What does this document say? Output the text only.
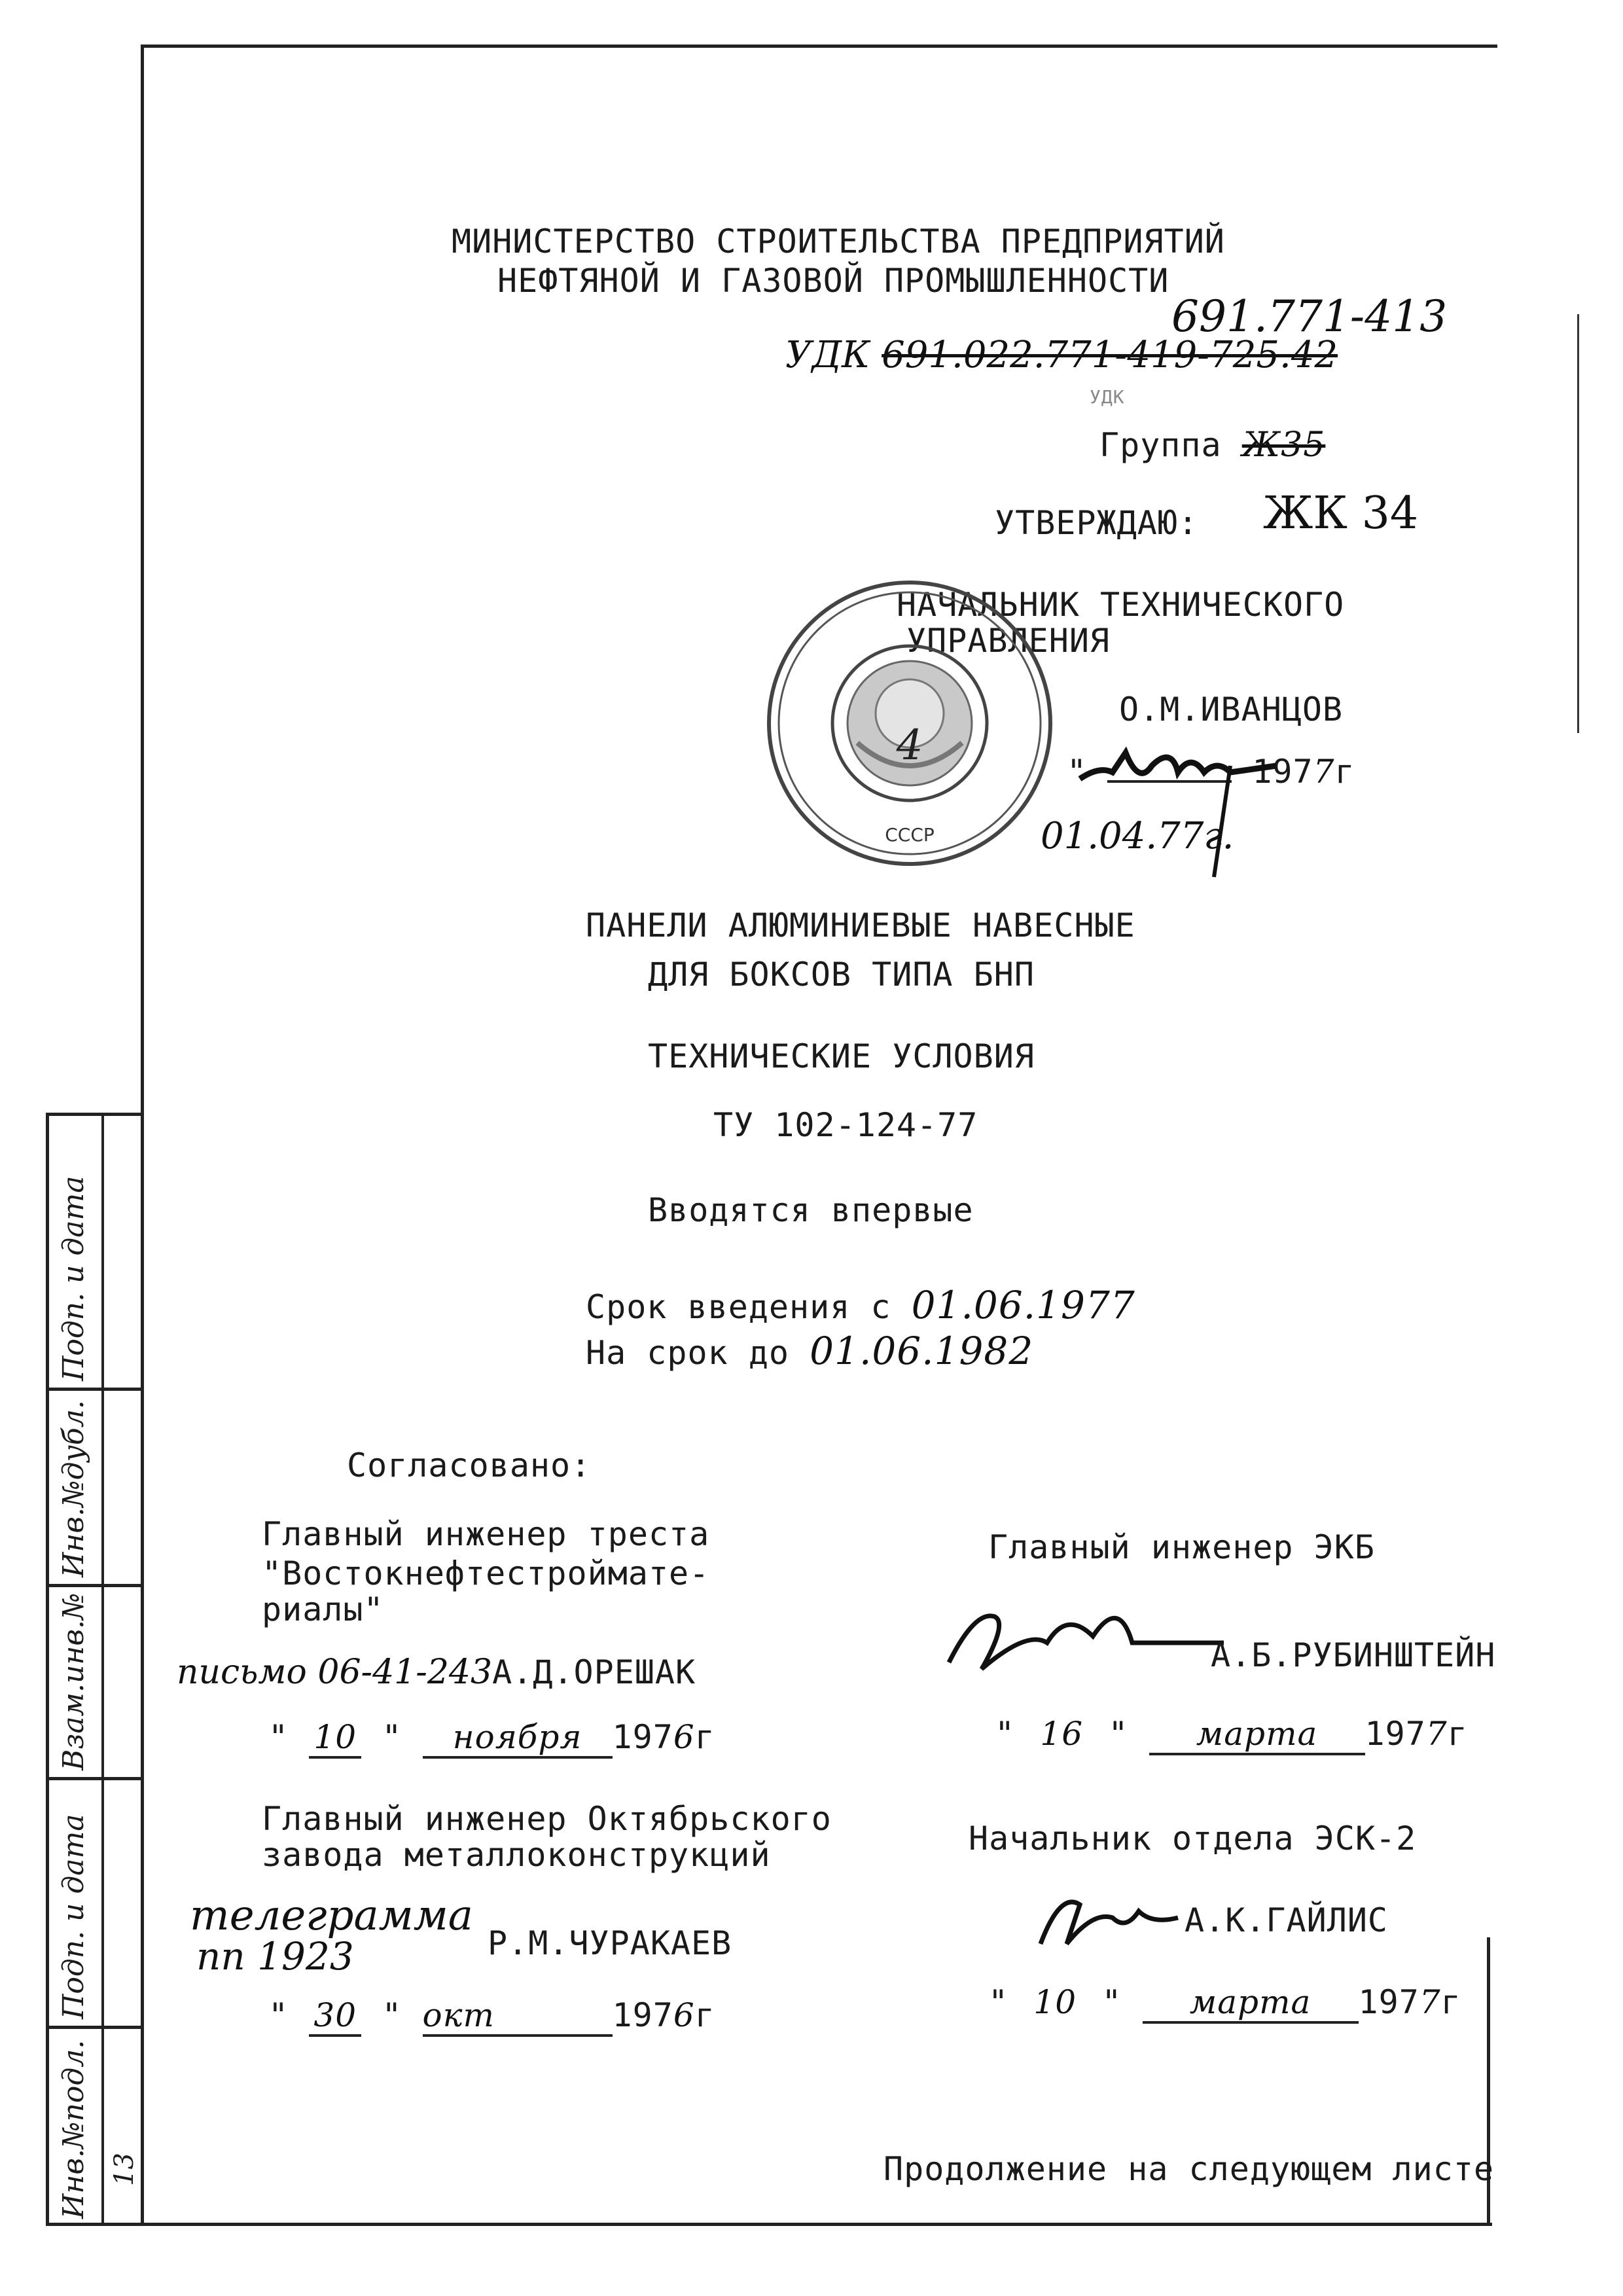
Подп. и дата
Инв.№дубл.
Взам.инв.№
Подп. и дата
Инв.№подл. 13
МИНИСТЕРСТВО СТРОИТЕЛЬСТВА ПРЕДПРИЯТИЙ
НЕФТЯНОЙ И ГАЗОВОЙ ПРОМЫШЛЕННОСТИ
691.771-413
УДК 691.022.771-419-725.42
УДК
Группа Ж35
ЖК 34
УТВЕРЖДАЮ:
НАЧАЛЬНИК ТЕХНИЧЕСКОГО
УПРАВЛЕНИЯ
О.М.ИВАНЦОВ
"	1977г
01.04.77г.
4
СССР
ПАНЕЛИ АЛЮМИНИЕВЫЕ НАВЕСНЫЕ
ДЛЯ БОКСОВ ТИПА БНП
ТЕХНИЧЕСКИЕ УСЛОВИЯ
ТУ 102-124-77
Вводятся впервые
Срок введения с 01.06.1977
На срок до 01.06.1982
Согласовано:
Главный инженер треста
"Востокнефтестройматe-
риалы"
письмо 06-41-243А.Д.ОРЕШАК
" 10 " ноября 1976г
Главный инженер Октябрьского
завода металлоконструкций
телеграмма
пп 1923	Р.М.ЧУРАКАЕВ
" 30 " окт	1976г
Главный инженер ЭКБ
А.Б.РУБИНШТЕЙН
" 16 " марта 1977г
Начальник отдела ЭСК-2
А.К.ГАЙЛИС
" 10 " марта 1977г
Продолжение на следующем листе
